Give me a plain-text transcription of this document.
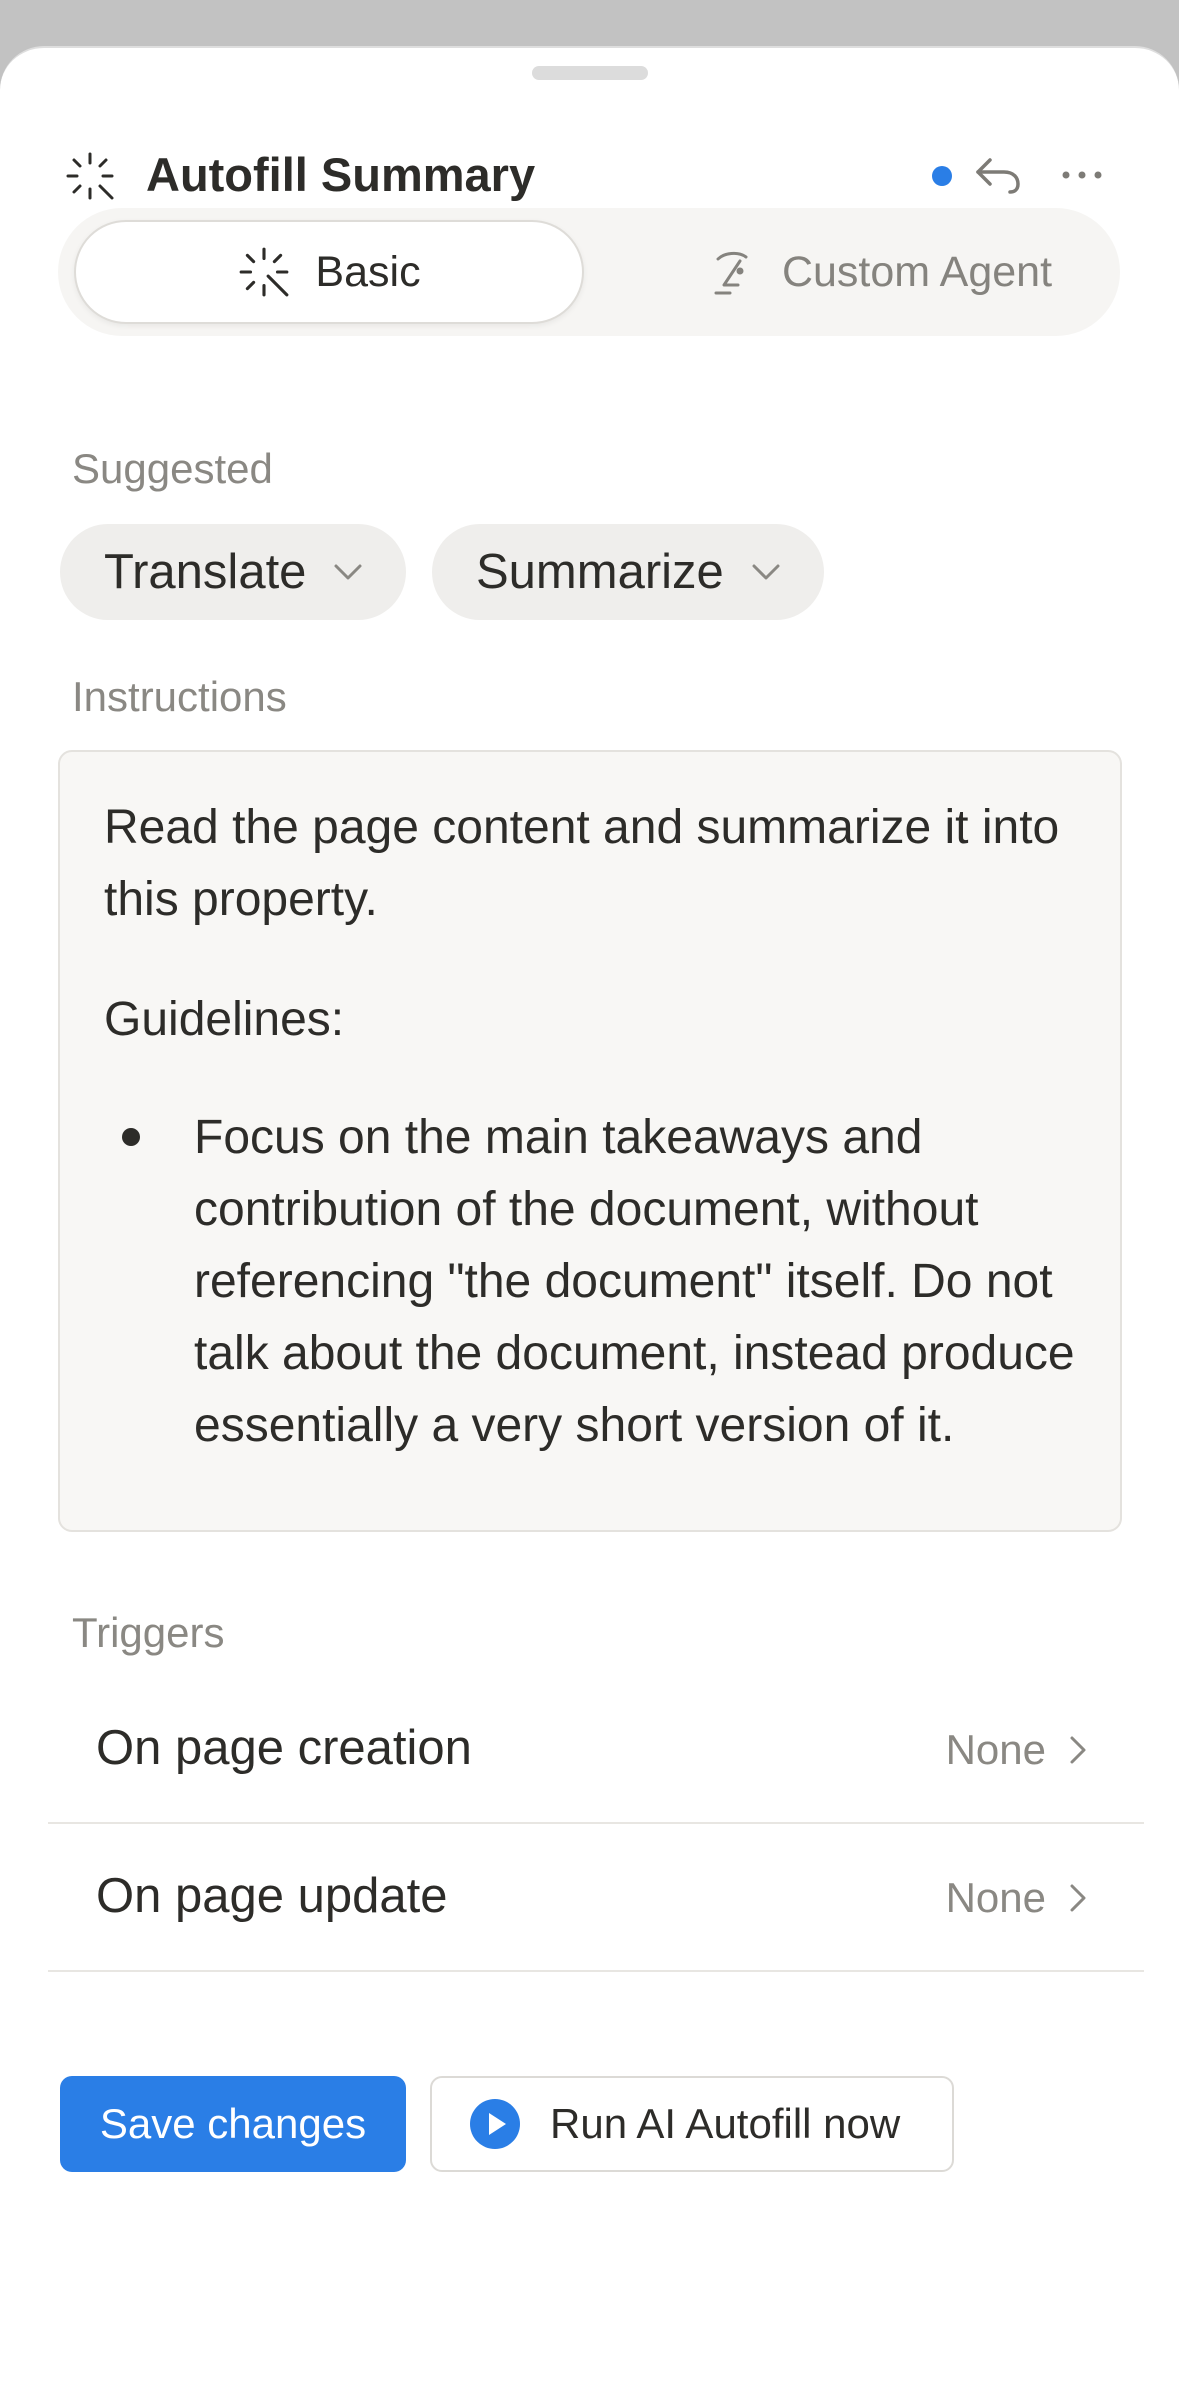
Autofill Summary
Basic	Custom Agent
Suggested
Translate	Summarize
Instructions

Read the page content and summarize it into this property.

Guidelines:

Focus on the main takeaways and contribution of the document, without referencing "the document" itself. Do not talk about the document, instead produce essentially a very short version of it.
Triggers
On page creation	None
On page update	None
Save changes	Run AI Autofill now
